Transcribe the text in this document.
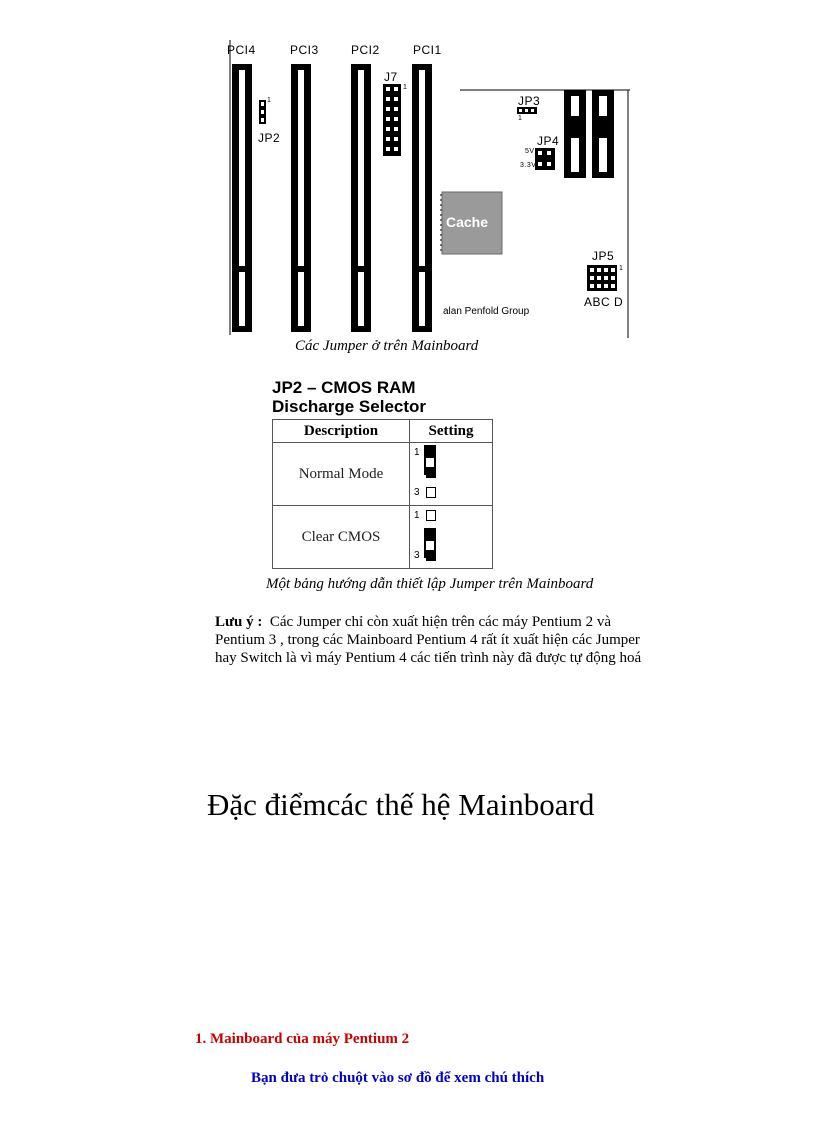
PCI4	PCI3	PCI2	PCI1
JP2
1
J7
1
JP3
1
JP4
5V
3.3V
JP5
1
ABC D
Cache
alan Penfold Group
Các Jumper ở trên Mainboard
JP2 – CMOS RAM
Discharge Selector
Description	Setting
Normal Mode	1
3

Clear CMOS	1
3
Một bảng hướng dẫn thiết lập Jumper trên Mainboard
Lưu ý : Các Jumper chỉ còn xuất hiện trên các máy Pentium 2 và Pentium 3 , trong các Mainboard Pentium 4 rất ít xuất hiện các Jumper hay Switch là vì máy Pentium 4 các tiến trình này đã được tự động hoá
Đặc điểmcác thế hệ Mainboard
1. Mainboard của máy Pentium 2
Bạn đưa trỏ chuột vào sơ đồ để xem chú thích
